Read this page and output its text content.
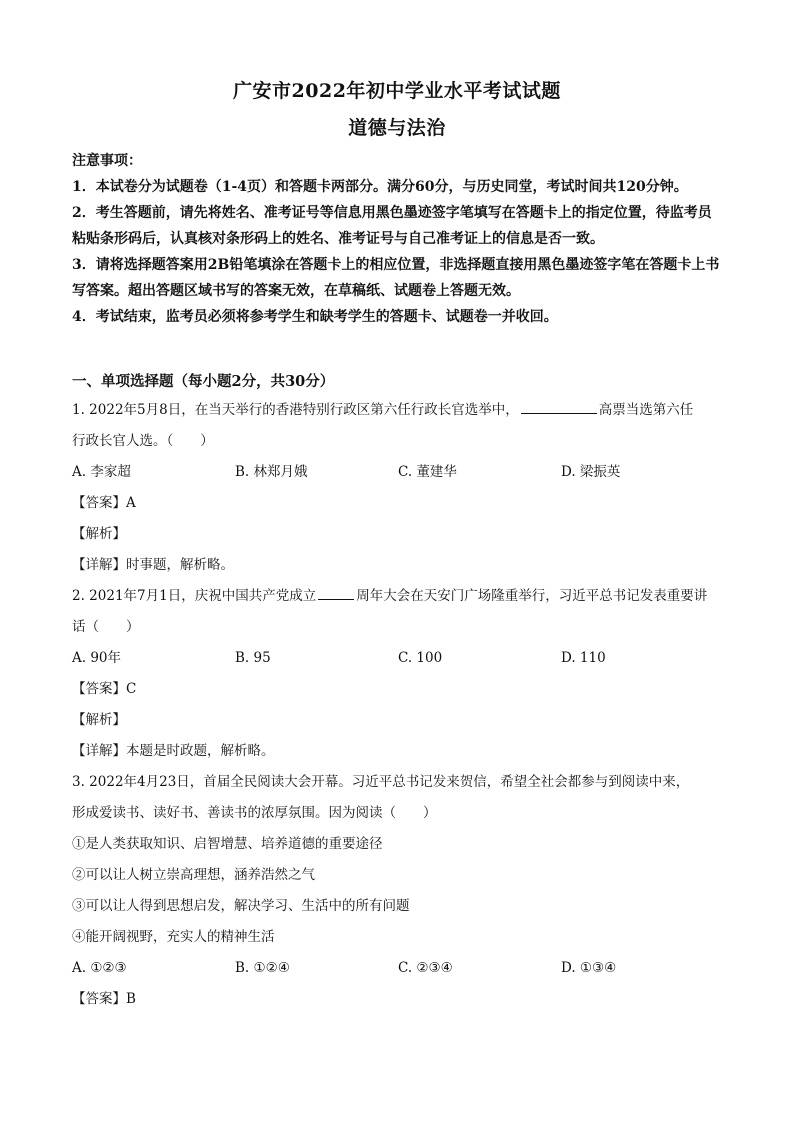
广安市2022年初中学业水平考试试题
道德与法治

注意事项：

1．本试卷分为试题卷（1-4页）和答题卡两部分。满分60分，与历史同堂，考试时间共120分钟。

2．考生答题前，请先将姓名、准考证号等信息用黑色墨迹签字笔填写在答题卡上的指定位置，待监考员粘贴条形码后，认真核对条形码上的姓名、准考证号与自己准考证上的信息是否一致。

3．请将选择题答案用2B铅笔填涂在答题卡上的相应位置，非选择题直接用黑色墨迹签字笔在答题卡上书写答案。超出答题区域书写的答案无效，在草稿纸、试题卷上答题无效。

4．考试结束，监考员必须将参考学生和缺考学生的答题卡、试题卷一并收回。

一、单项选择题（每小题2分，共30分）

1. 2022年5月8日，在当天举行的香港特别行政区第六任行政长官选举中，	高票当选第六任

行政长官人选。（　　）

A. 李家超	B. 林郑月娥	C. 董建华	D. 梁振英

【答案】A

【解析】

【详解】时事题，解析略。

2. 2021年7月1日，庆祝中国共产党成立	周年大会在天安门广场隆重举行，习近平总书记发表重要讲

话（　　）

A. 90年	B. 95	C. 100	D. 110

【答案】C

【解析】

【详解】本题是时政题，解析略。

3. 2022年4月23日，首届全民阅读大会开幕。习近平总书记发来贺信，希望全社会都参与到阅读中来，

形成爱读书、读好书、善读书的浓厚氛围。因为阅读（　　）

①是人类获取知识、启智增慧、培养道德的重要途径

②可以让人树立崇高理想，涵养浩然之气

③可以让人得到思想启发，解决学习、生活中的所有问题

④能开阔视野，充实人的精神生活

A. ①②③	B. ①②④	C. ②③④	D. ①③④

【答案】B
